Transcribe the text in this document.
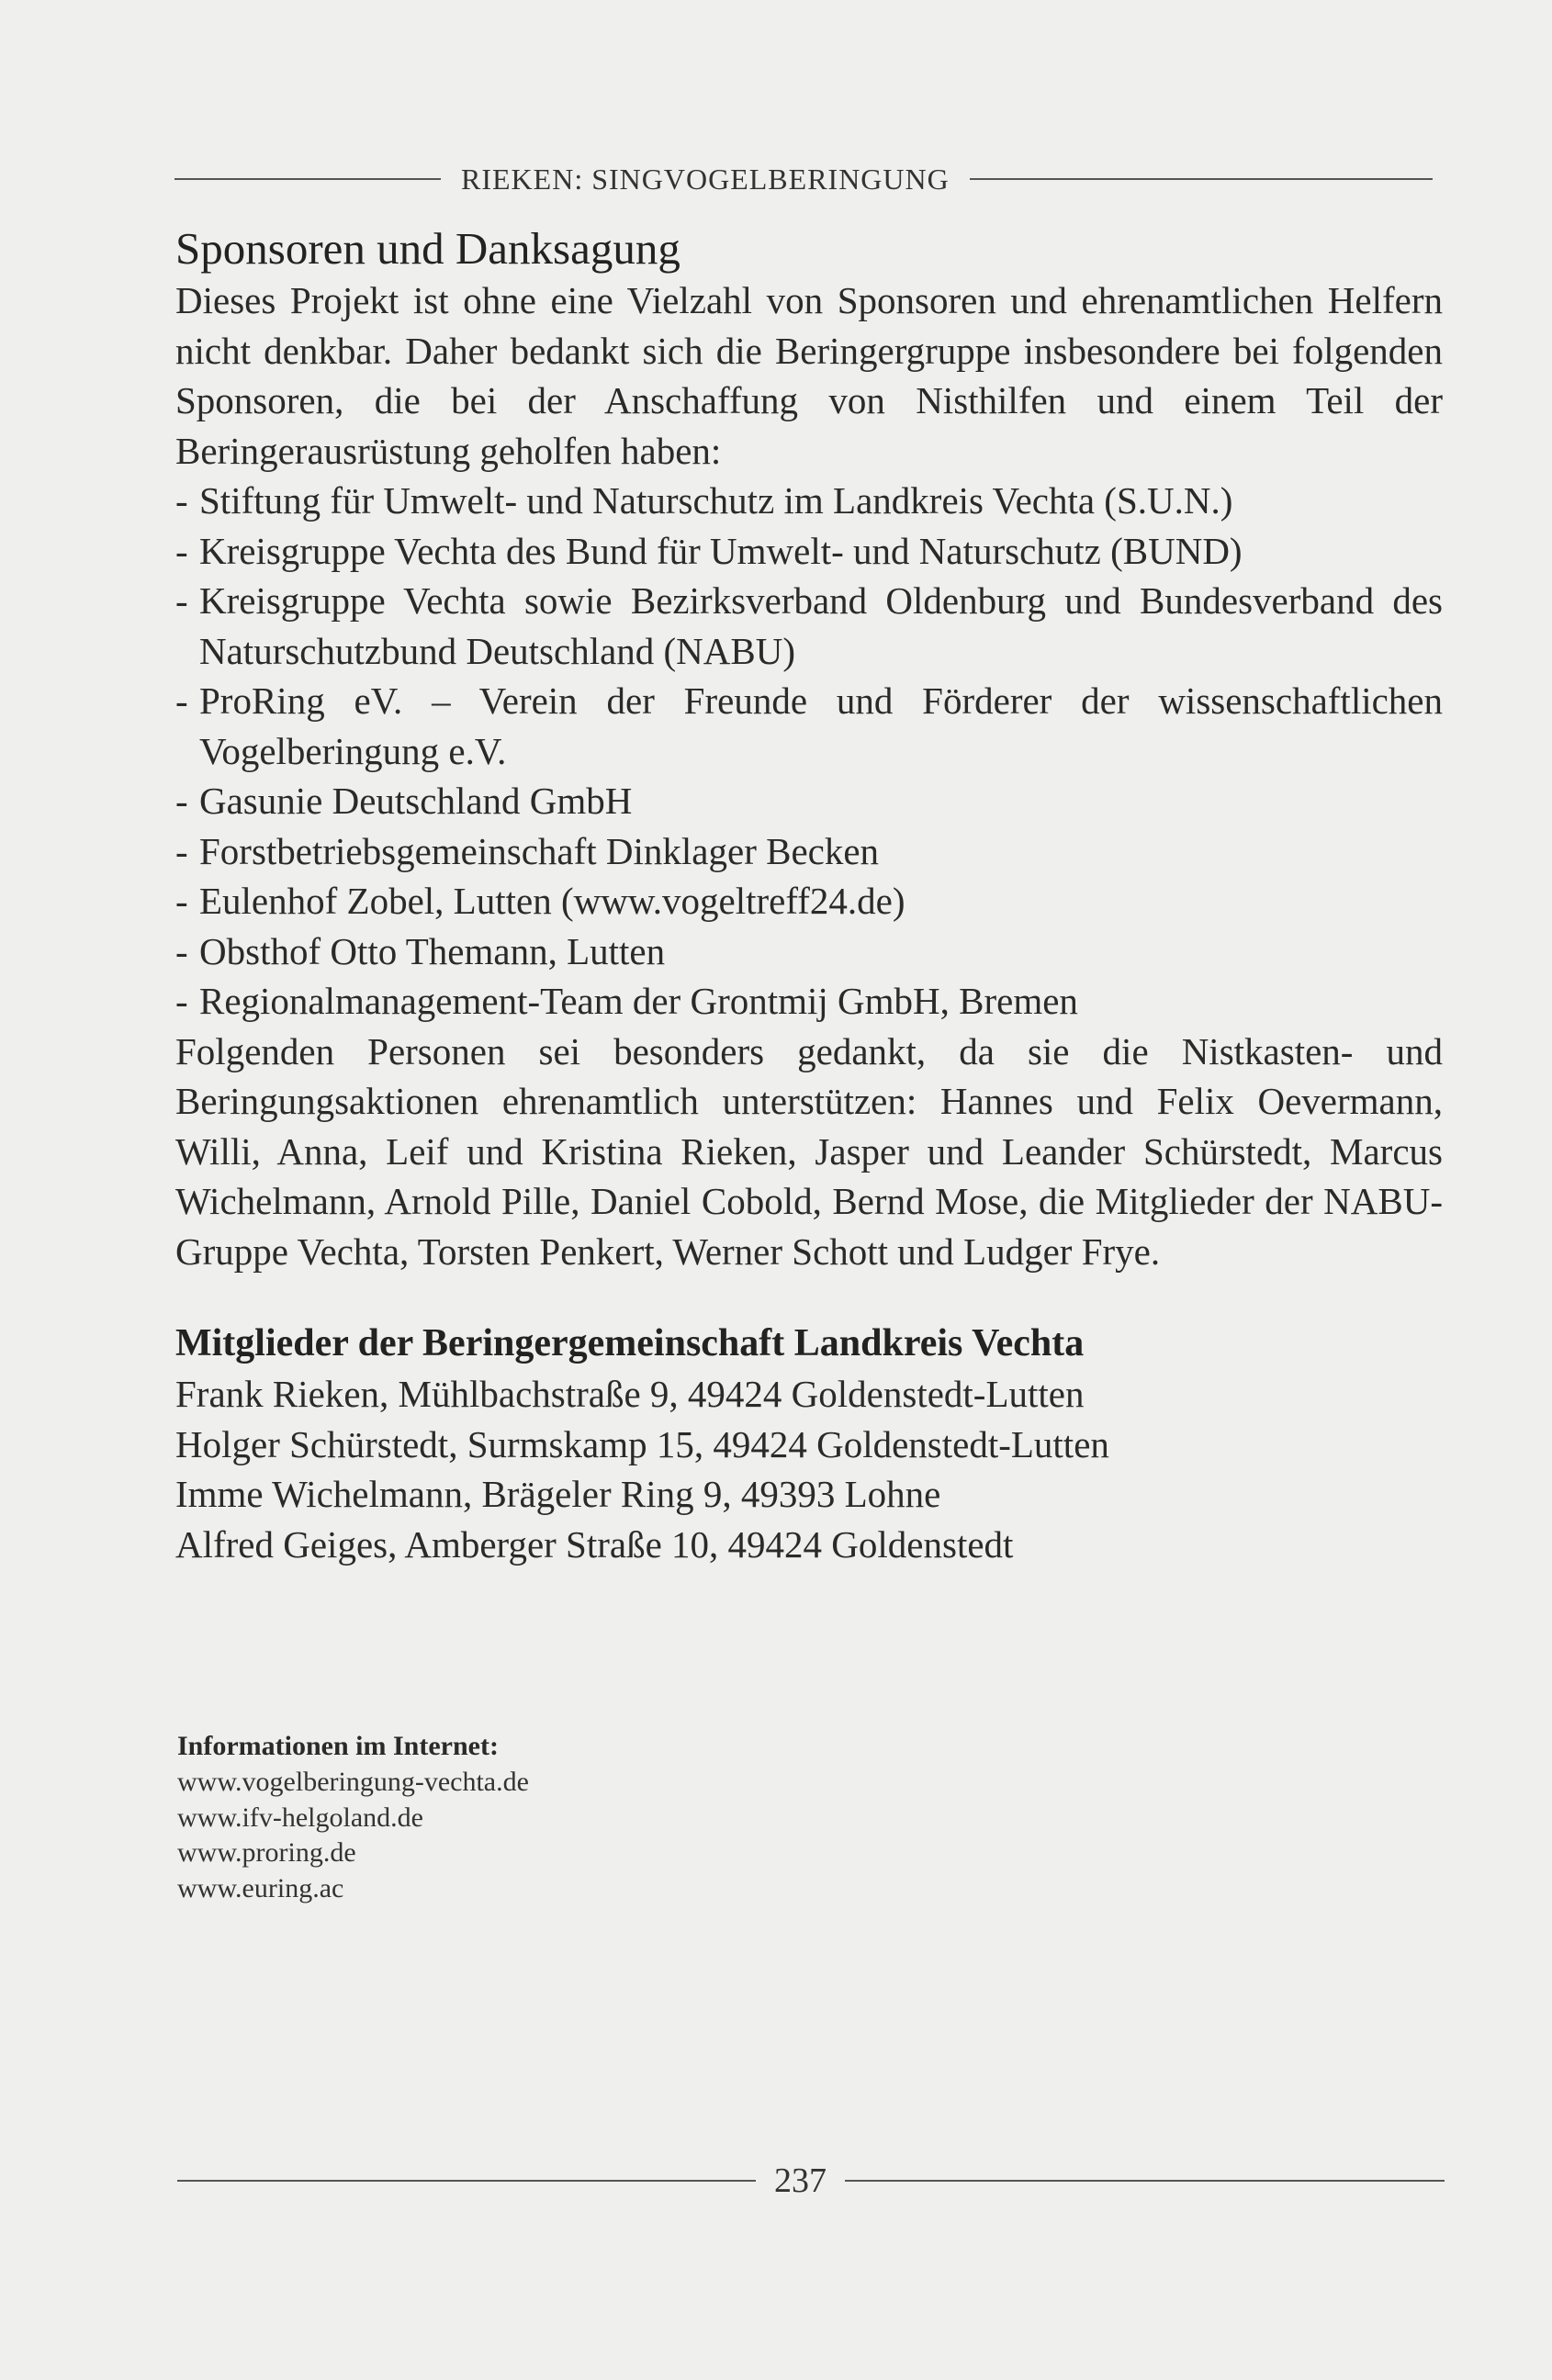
RIEKEN: SINGVOGELBERINGUNG
Sponsoren und Danksagung

Dieses Projekt ist ohne eine Vielzahl von Sponsoren und ehrenamtlichen Helfern nicht denkbar. Daher bedankt sich die Beringergruppe insbesondere bei folgenden Sponsoren, die bei der Anschaffung von Nisthilfen und einem Teil der Beringerausrüstung geholfen haben:

- Stiftung für Umwelt- und Naturschutz im Landkreis Vechta (S.U.N.)
- Kreisgruppe Vechta des Bund für Umwelt- und Naturschutz (BUND)
- Kreisgruppe Vechta sowie Bezirksverband Oldenburg und Bundesverband des Naturschutzbund Deutschland (NABU)
- ProRing eV. – Verein der Freunde und Förderer der wissenschaftlichen Vogelberingung e.V.
- Gasunie Deutschland GmbH
- Forstbetriebsgemeinschaft Dinklager Becken
- Eulenhof Zobel, Lutten (www.vogeltreff24.de)
- Obsthof Otto Themann, Lutten
- Regionalmanagement-Team der Grontmij GmbH, Bremen

Folgenden Personen sei besonders gedankt, da sie die Nistkasten- und Beringungsaktionen ehrenamtlich unterstützen: Hannes und Felix Oevermann, Willi, Anna, Leif und Kristina Rieken, Jasper und Leander Schürstedt, Marcus Wichelmann, Arnold Pille, Daniel Cobold, Bernd Mose, die Mitglieder der NABU-Gruppe Vechta, Torsten Penkert, Werner Schott und Ludger Frye.

Mitglieder der Beringergemeinschaft Landkreis Vechta
Frank Rieken, Mühlbachstraße 9, 49424 Goldenstedt-Lutten
Holger Schürstedt, Surmskamp 15, 49424 Goldenstedt-Lutten
Imme Wichelmann, Brägeler Ring 9, 49393 Lohne
Alfred Geiges, Amberger Straße 10, 49424 Goldenstedt
Informationen im Internet:
www.vogelberingung-vechta.de
www.ifv-helgoland.de
www.proring.de
www.euring.ac
237
